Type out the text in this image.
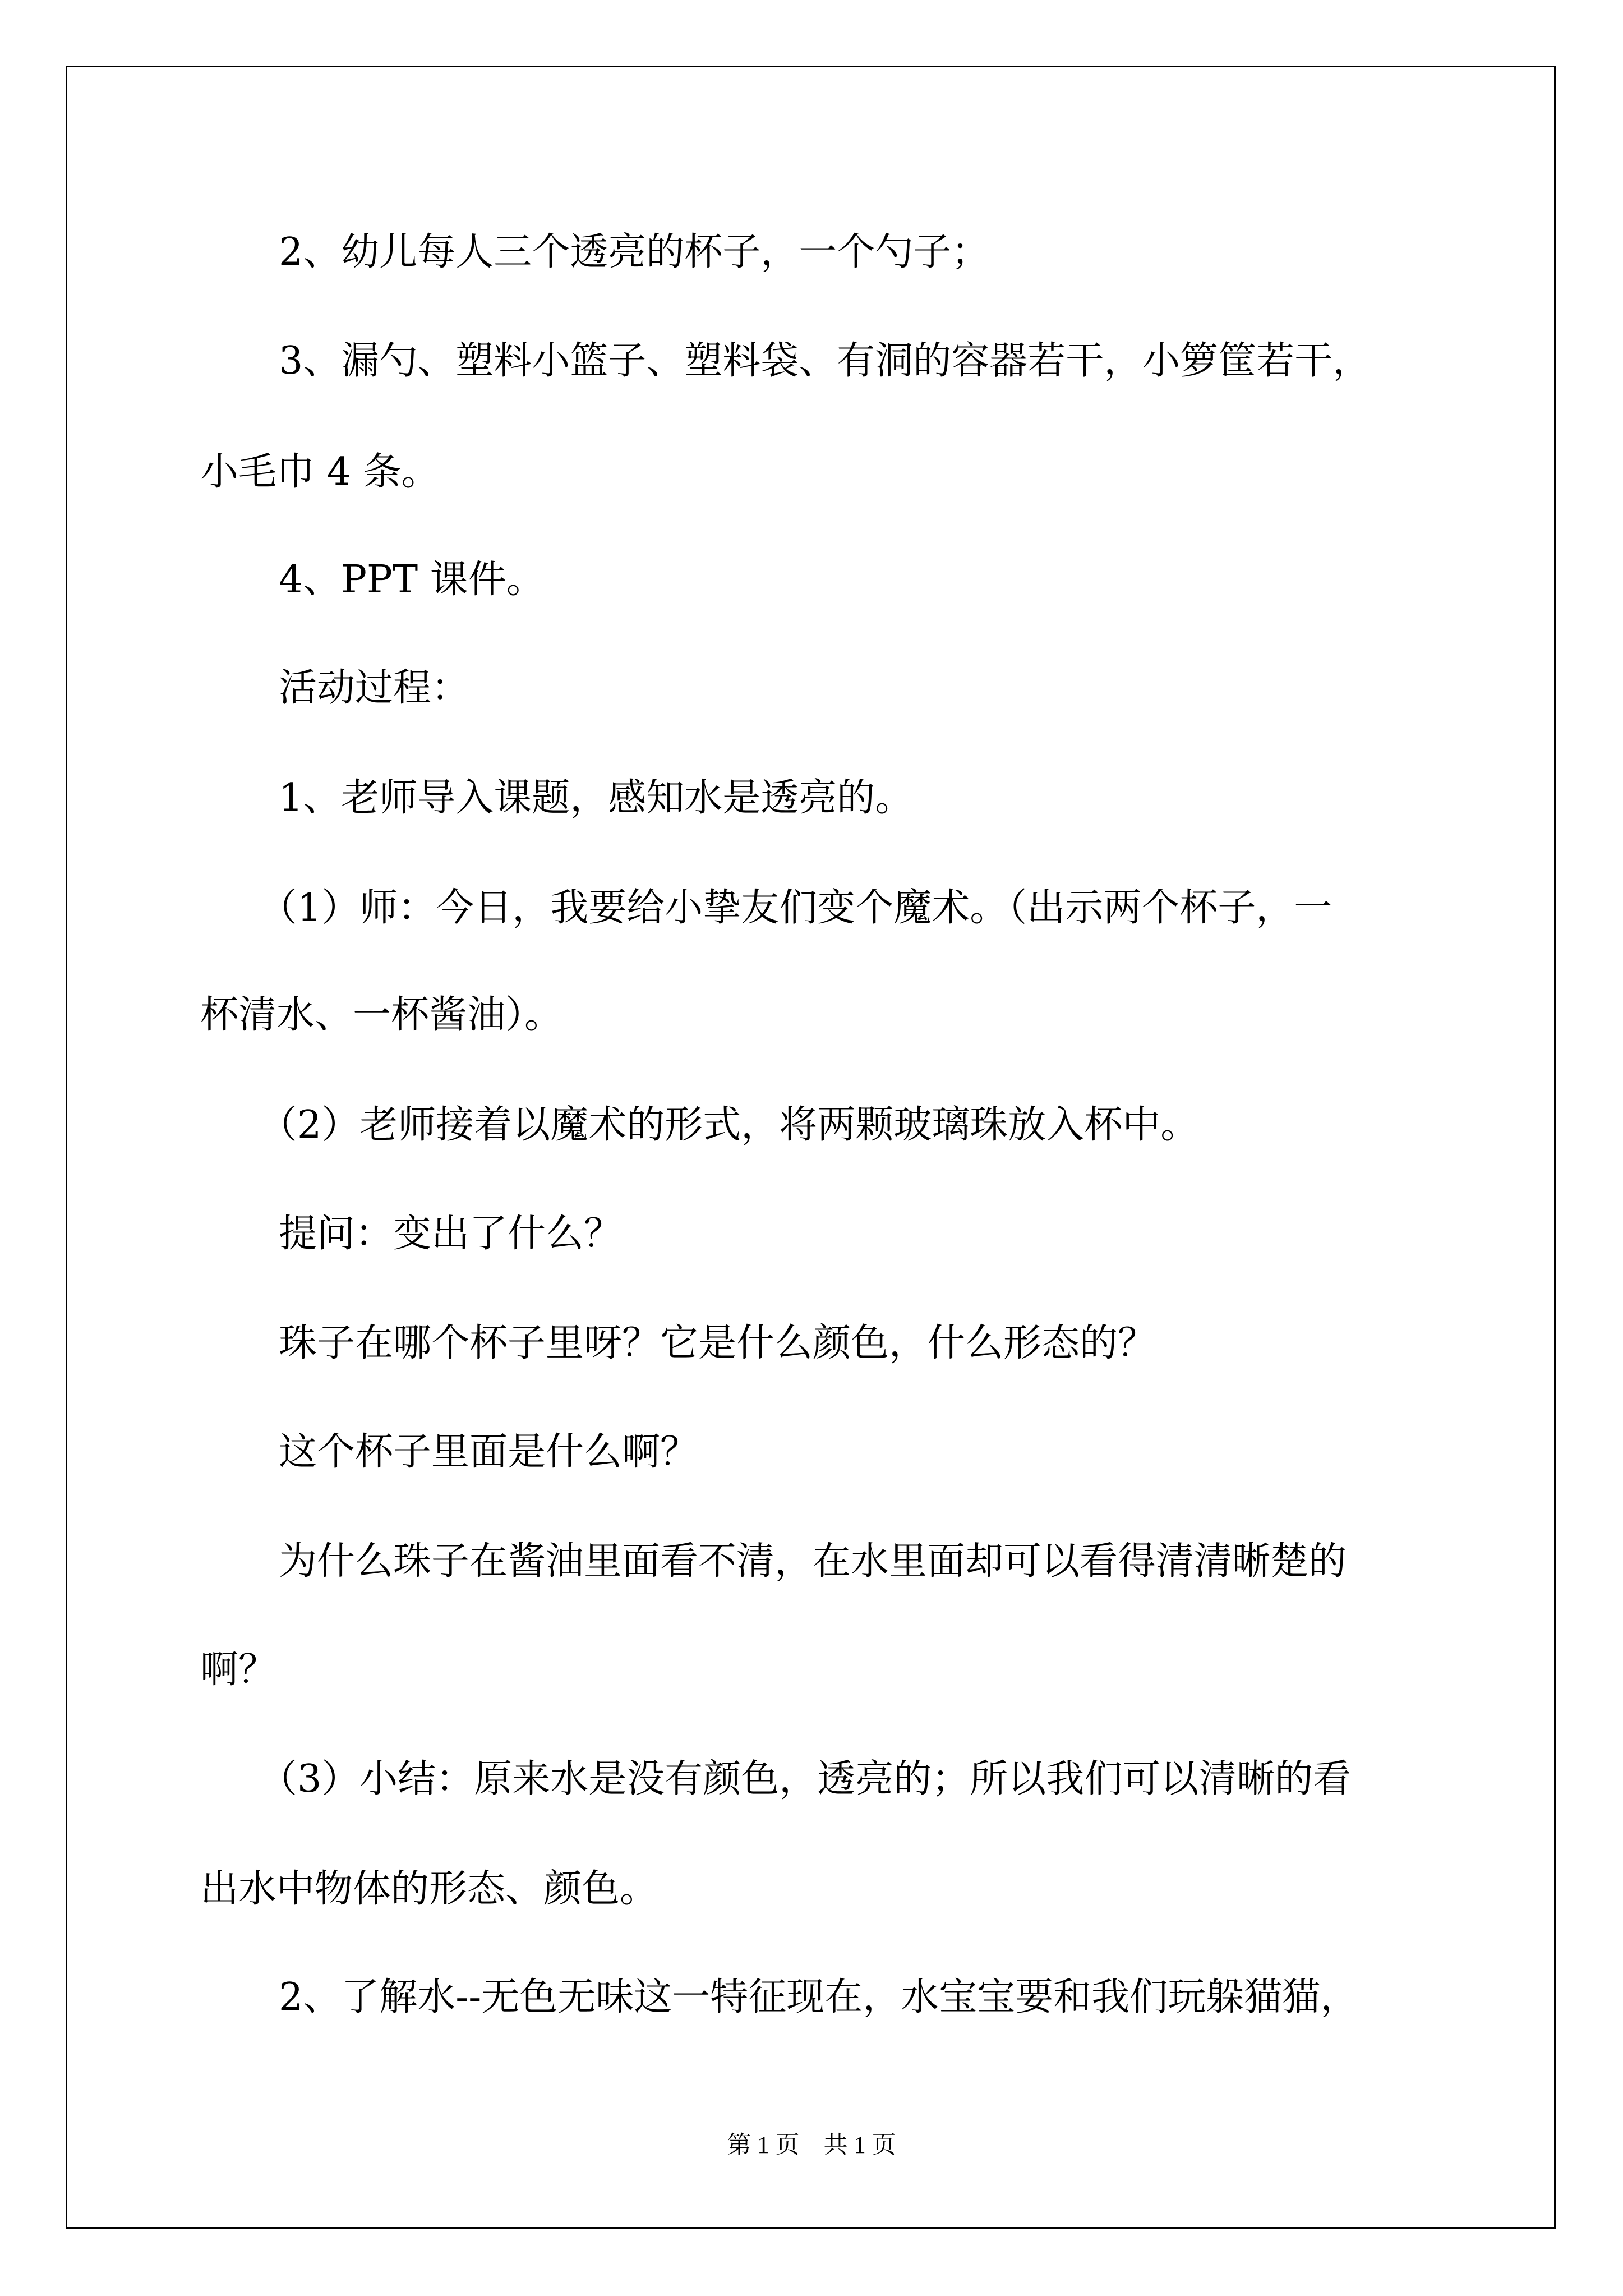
2、幼儿每人三个透亮的杯子，一个勺子；

3、漏勺、塑料小篮子、塑料袋、有洞的容器若干，小箩筐若干，

小毛巾 4 条。

4、PPT 课件。

活动过程：

1、老师导入课题，感知水是透亮的。

（1）师：今日，我要给小挚友们变个魔术。（出示两个杯子，一

杯清水、一杯酱油）。

（2）老师接着以魔术的形式，将两颗玻璃珠放入杯中。

提问：变出了什么？

珠子在哪个杯子里呀？它是什么颜色，什么形态的？

这个杯子里面是什么啊？

为什么珠子在酱油里面看不清，在水里面却可以看得清清晰楚的

啊？

（3）小结：原来水是没有颜色，透亮的；所以我们可以清晰的看

出水中物体的形态、颜色。

2、了解水--无色无味这一特征现在，水宝宝要和我们玩躲猫猫，

第 1 页    共 1 页
